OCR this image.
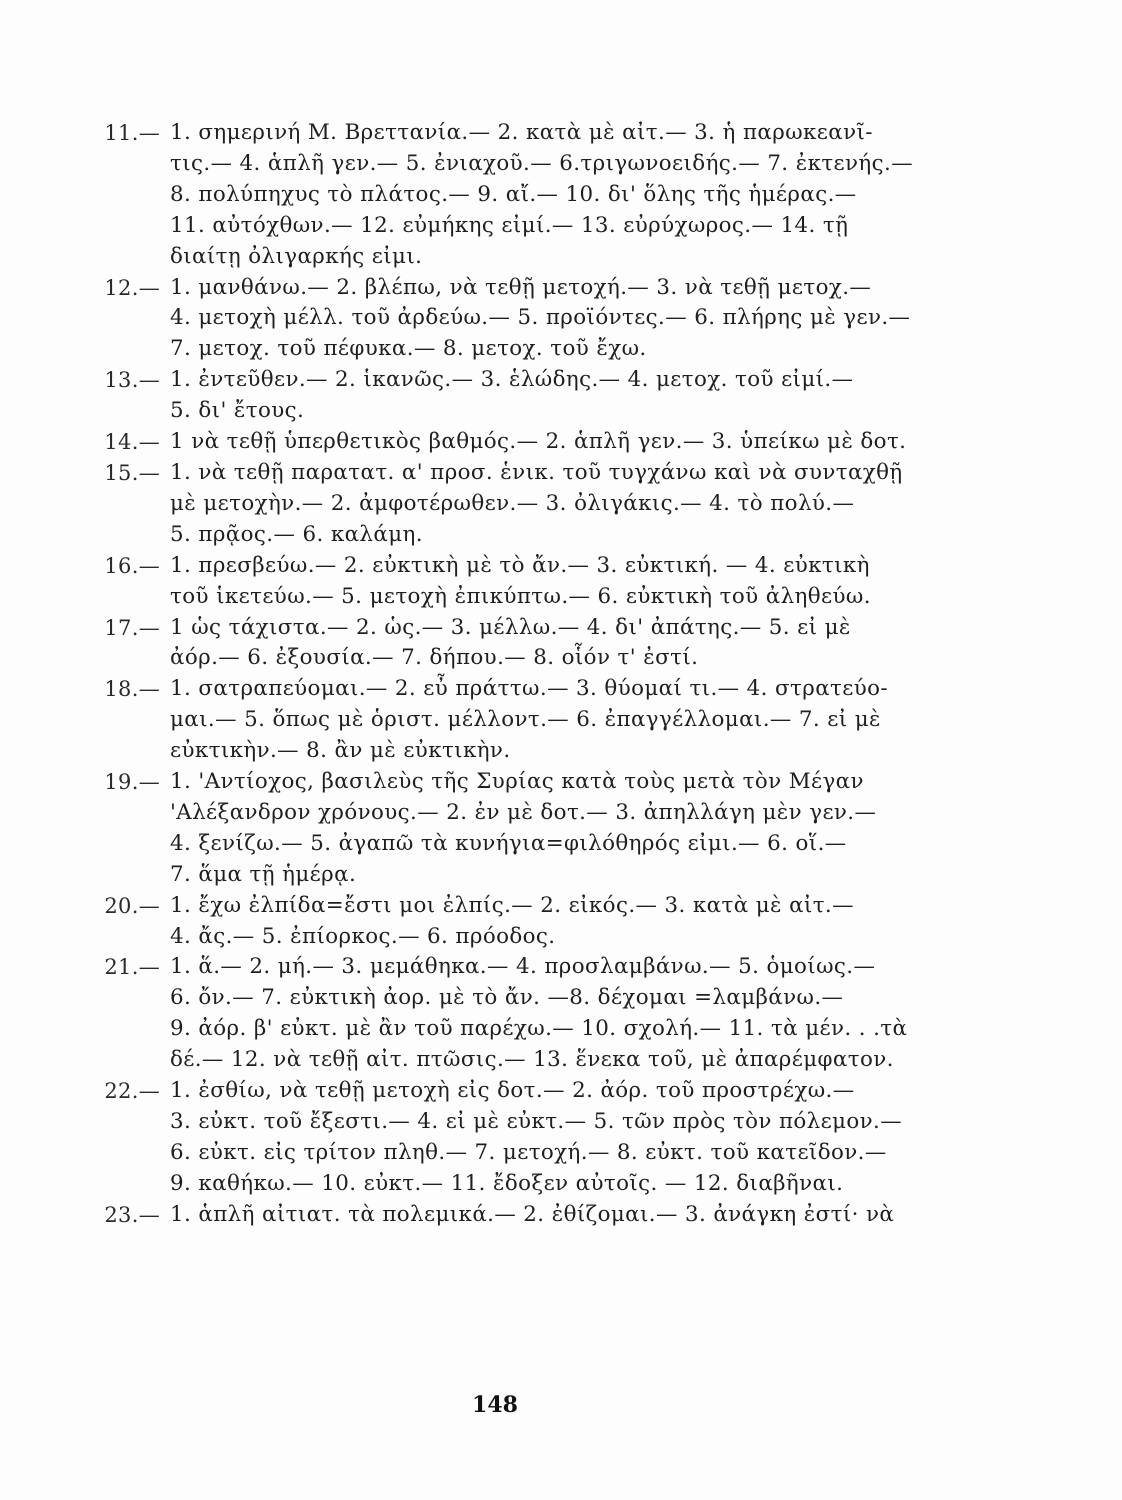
11.— 1. σημερινή Μ. Βρεττανία.— 2. κατὰ μὲ αἰτ.— 3. ἡ παρωκεανῖ-
τις.— 4. ἁπλῆ γεν.— 5. ἐνιαχοῦ.— 6.τριγωνοειδής.— 7. ἐκτενής.—
8. πολύπηχυς τὸ πλάτος.— 9. αἴ.— 10. δι' ὅλης τῆς ἡμέρας.—
11. αὐτόχθων.— 12. εὐμήκης εἰμί.— 13. εὐρύχωρος.— 14. τῇ
διαίτῃ ὀλιγαρκής εἰμι.
12.— 1. μανθάνω.— 2. βλέπω, νὰ τεθῇ μετοχή.— 3. νὰ τεθῇ μετοχ.—
4. μετοχὴ μέλλ. τοῦ ἀρδεύω.— 5. προϊόντες.— 6. πλήρης μὲ γεν.—
7. μετοχ. τοῦ πέφυκα.— 8. μετοχ. τοῦ ἔχω.
13.— 1. ἐντεῦθεν.— 2. ἱκανῶς.— 3. ἑλώδης.— 4. μετοχ. τοῦ εἰμί.—
5. δι' ἔτους.
14.— 1 νὰ τεθῇ ὑπερθετικὸς βαθμός.— 2. ἁπλῆ γεν.— 3. ὑπείκω μὲ δοτ.
15.— 1. νὰ τεθῇ παρατατ. α' προσ. ἑνικ. τοῦ τυγχάνω καὶ νὰ συνταχθῇ
μὲ μετοχὴν.— 2. ἀμφοτέρωθεν.— 3. ὀλιγάκις.— 4. τὸ πολύ.—
5. πρᾷος.— 6. καλάμη.
16.— 1. πρεσβεύω.— 2. εὐκτικὴ μὲ τὸ ἄν.— 3. εὐκτική. — 4. εὐκτικὴ
τοῦ ἱκετεύω.— 5. μετοχὴ ἐπικύπτω.— 6. εὐκτικὴ τοῦ ἀληθεύω.
17.— 1 ὡς τάχιστα.— 2. ὡς.— 3. μέλλω.— 4. δι' ἀπάτης.— 5. εἰ μὲ
ἀόρ.— 6. ἐξουσία.— 7. δήπου.— 8. οἷόν τ' ἐστί.
18.— 1. σατραπεύομαι.— 2. εὖ πράττω.— 3. θύομαί τι.— 4. στρατεύο-
μαι.— 5. ὅπως μὲ ὁριστ. μέλλοντ.— 6. ἐπαγγέλλομαι.— 7. εἰ μὲ
εὐκτικὴν.— 8. ἂν μὲ εὐκτικὴν.
19.— 1. 'Αντίοχος, βασιλεὺς τῆς Συρίας κατὰ τοὺς μετὰ τὸν Μέγαν
'Αλέξανδρον χρόνους.— 2. ἐν μὲ δοτ.— 3. ἀπηλλάγη μὲν γεν.—
4. ξενίζω.— 5. ἀγαπῶ τὰ κυνήγια=φιλόθηρός εἰμι.— 6. οἵ.—
7. ἅμα τῇ ἡμέρᾳ.
20.— 1. ἔχω ἐλπίδα=ἔστι μοι ἐλπίς.— 2. εἰκός.— 3. κατὰ μὲ αἰτ.—
4. ἄς.— 5. ἐπίορκος.— 6. πρόοδος.
21.— 1. ἅ.— 2. μή.— 3. μεμάθηκα.— 4. προσλαμβάνω.— 5. ὁμοίως.—
6. ὄν.— 7. εὐκτικὴ ἀορ. μὲ τὸ ἄν. —8. δέχομαι =λαμβάνω.—
9. ἀόρ. β' εὐκτ. μὲ ἂν τοῦ παρέχω.— 10. σχολή.— 11. τὰ μέν. . .τὰ
δέ.— 12. νὰ τεθῇ αἰτ. πτῶσις.— 13. ἕνεκα τοῦ, μὲ ἀπαρέμφατον.
22.— 1. ἐσθίω, νὰ τεθῇ μετοχὴ εἰς δοτ.— 2. ἀόρ. τοῦ προστρέχω.—
3. εὐκτ. τοῦ ἔξεστι.— 4. εἰ μὲ εὐκτ.— 5. τῶν πρὸς τὸν πόλεμον.—
6. εὐκτ. εἰς τρίτον πληθ.— 7. μετοχή.— 8. εὐκτ. τοῦ κατεῖδον.—
9. καθήκω.— 10. εὐκτ.— 11. ἔδοξεν αὐτοῖς. — 12. διαβῆναι.
23.— 1. ἁπλῆ αἰτιατ. τὰ πολεμικά.— 2. ἐθίζομαι.— 3. ἀνάγκη ἐστί· νὰ
148
